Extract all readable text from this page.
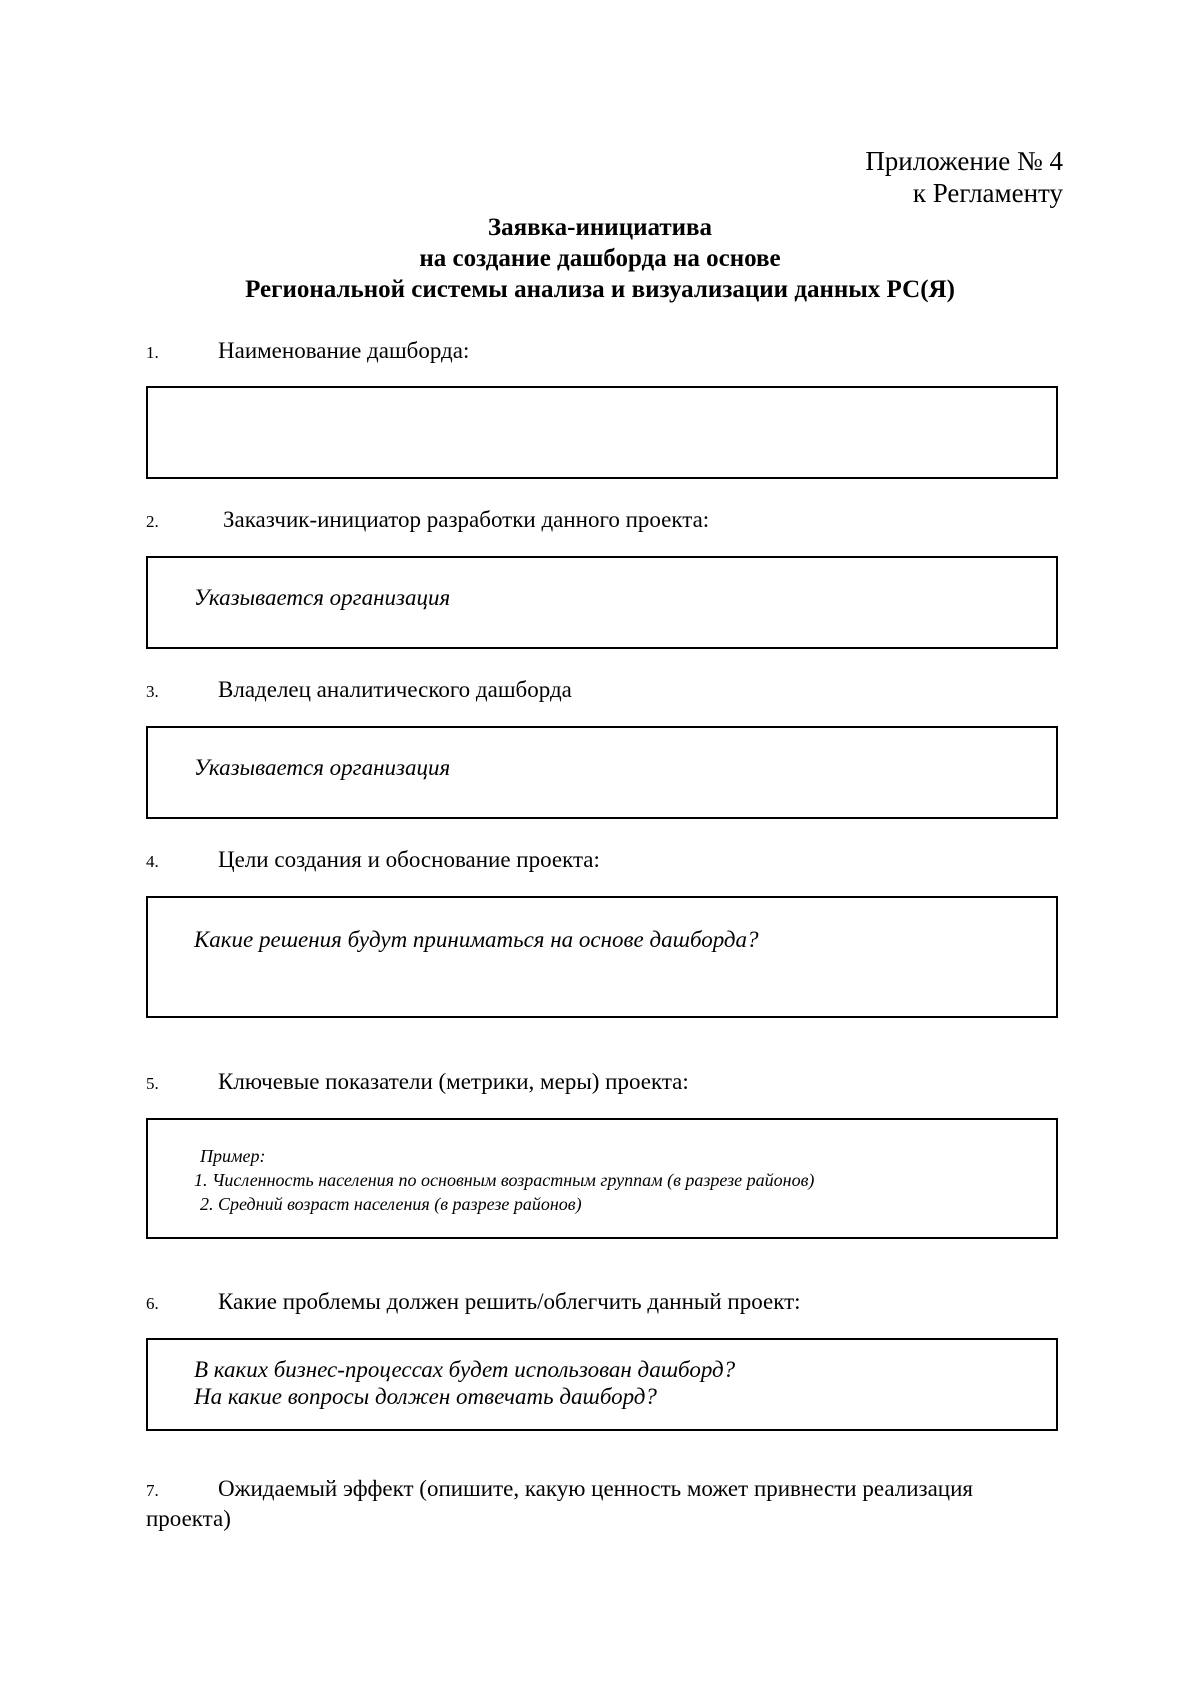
Приложение № 4
к Регламенту
Заявка-инициатива
на создание дашборда на основе
Региональной системы анализа и визуализации данных РС(Я)
1.	Наименование дашборда:
2.	Заказчик-инициатор разработки данного проекта:
Указывается организация
3.	Владелец аналитического дашборда
Указывается организация
4.	Цели создания и обоснование проекта:
Какие решения будут приниматься на основе дашборда?
5.	Ключевые показатели (метрики, меры) проекта:
Пример:
1. Численность населения по основным возрастным группам (в разрезе районов)
2. Средний возраст населения (в разрезе районов)
6.	Какие проблемы должен решить/облегчить данный проект:
В каких бизнес-процессах будет использован дашборд?
На какие вопросы должен отвечать дашборд?
7.	Ожидаемый эффект (опишите, какую ценность может привнести реализация проекта)
